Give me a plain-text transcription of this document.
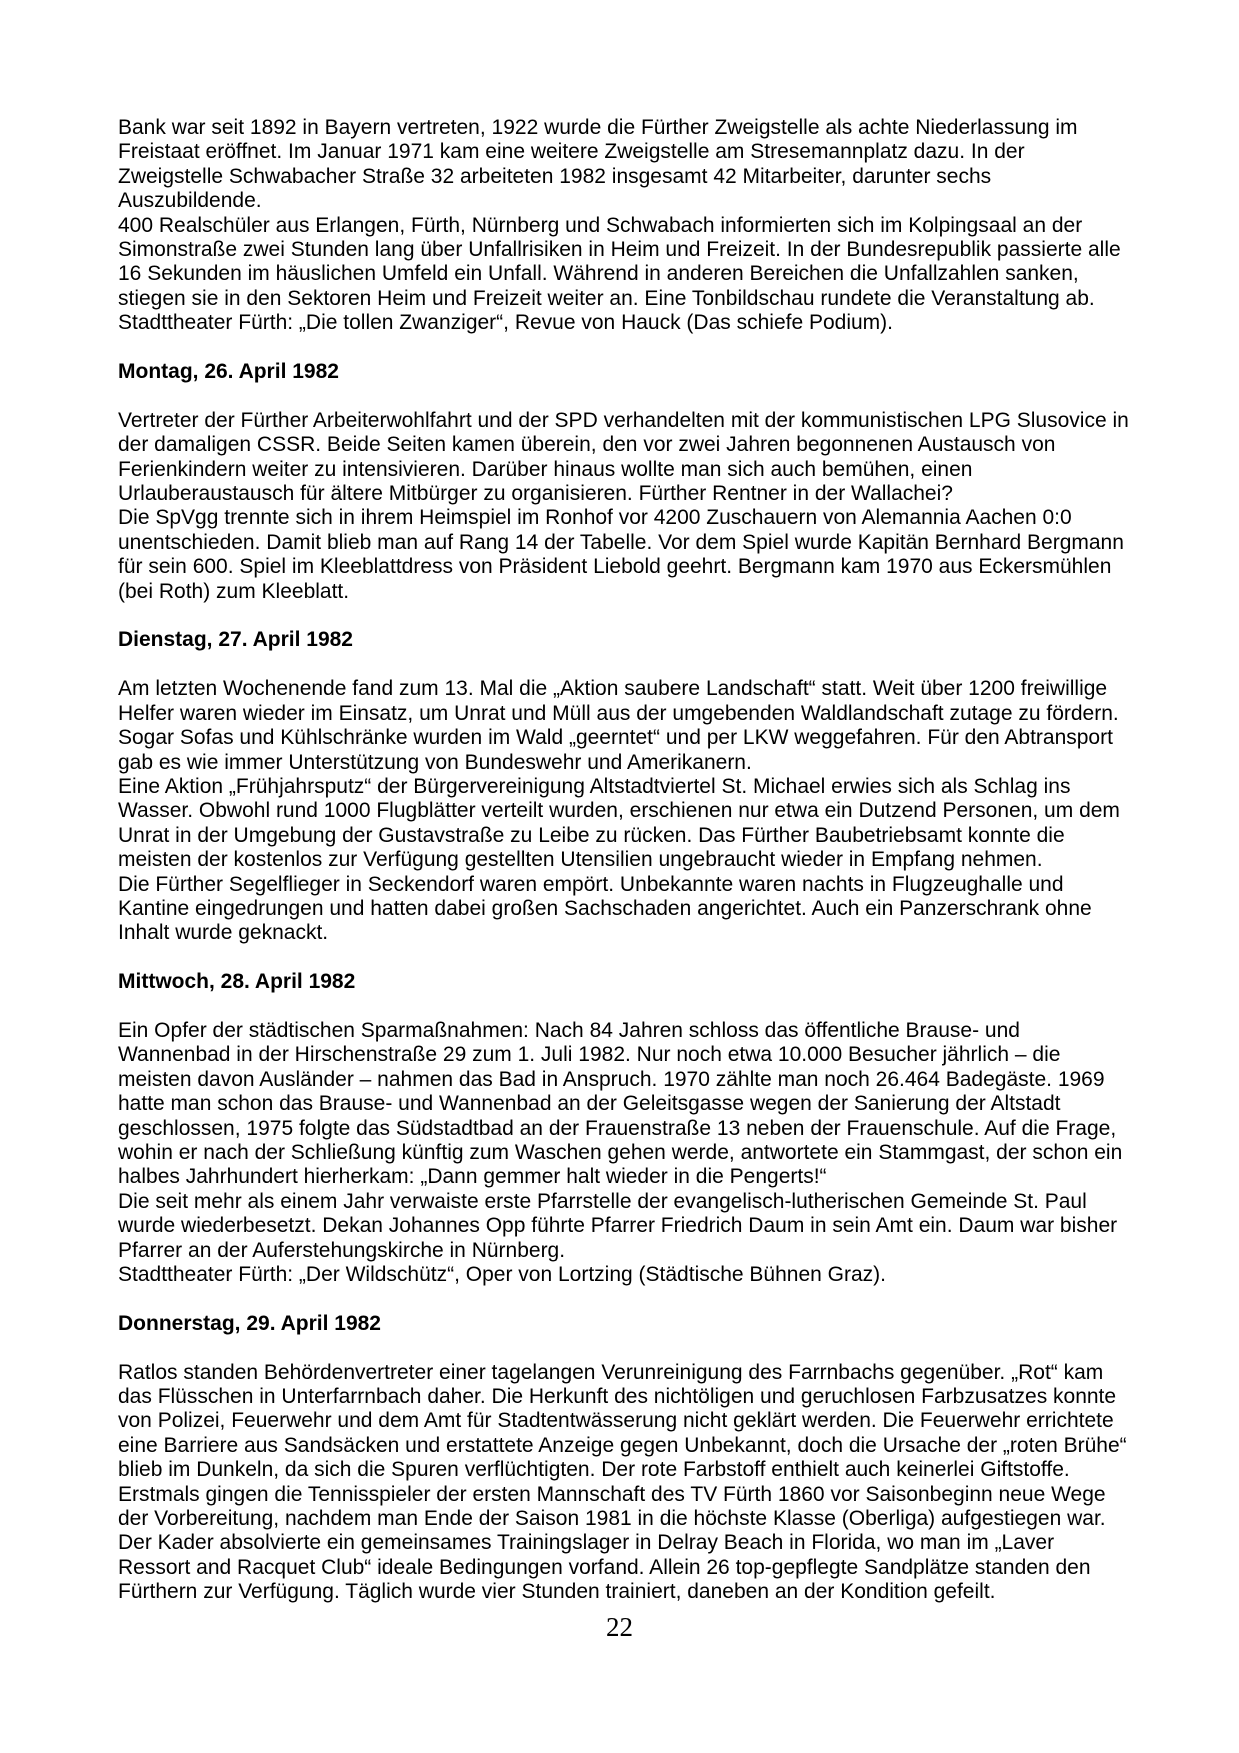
Bank war seit 1892 in Bayern vertreten, 1922 wurde die Fürther Zweigstelle als achte Niederlassung im
Freistaat eröffnet. Im Januar 1971 kam eine weitere Zweigstelle am Stresemannplatz dazu. In der
Zweigstelle Schwabacher Straße 32 arbeiteten 1982 insgesamt 42 Mitarbeiter, darunter sechs
Auszubildende.
400 Realschüler aus Erlangen, Fürth, Nürnberg und Schwabach informierten sich im Kolpingsaal an der
Simonstraße zwei Stunden lang über Unfallrisiken in Heim und Freizeit. In der Bundesrepublik passierte alle
16 Sekunden im häuslichen Umfeld ein Unfall. Während in anderen Bereichen die Unfallzahlen sanken,
stiegen sie in den Sektoren Heim und Freizeit weiter an. Eine Tonbildschau rundete die Veranstaltung ab.
Stadttheater Fürth: „Die tollen Zwanziger“, Revue von Hauck (Das schiefe Podium).
Montag, 26. April 1982
Vertreter der Fürther Arbeiterwohlfahrt und der SPD verhandelten mit der kommunistischen LPG Slusovice in
der damaligen CSSR. Beide Seiten kamen überein, den vor zwei Jahren begonnenen Austausch von
Ferienkindern weiter zu intensivieren. Darüber hinaus wollte man sich auch bemühen, einen
Urlauberaustausch für ältere Mitbürger zu organisieren. Fürther Rentner in der Wallachei?
Die SpVgg trennte sich in ihrem Heimspiel im Ronhof vor 4200 Zuschauern von Alemannia Aachen 0:0
unentschieden. Damit blieb man auf Rang 14 der Tabelle. Vor dem Spiel wurde Kapitän Bernhard Bergmann
für sein 600. Spiel im Kleeblattdress von Präsident Liebold geehrt. Bergmann kam 1970 aus Eckersmühlen
(bei Roth) zum Kleeblatt.
Dienstag, 27. April 1982
Am letzten Wochenende fand zum 13. Mal die „Aktion saubere Landschaft“ statt. Weit über 1200 freiwillige
Helfer waren wieder im Einsatz, um Unrat und Müll aus der umgebenden Waldlandschaft zutage zu fördern.
Sogar Sofas und Kühlschränke wurden im Wald „geerntet“ und per LKW weggefahren. Für den Abtransport
gab es wie immer Unterstützung von Bundeswehr und Amerikanern.
Eine Aktion „Frühjahrsputz“ der Bürgervereinigung Altstadtviertel St. Michael erwies sich als Schlag ins
Wasser. Obwohl rund 1000 Flugblätter verteilt wurden, erschienen nur etwa ein Dutzend Personen, um dem
Unrat in der Umgebung der Gustavstraße zu Leibe zu rücken. Das Fürther Baubetriebsamt konnte die
meisten der kostenlos zur Verfügung gestellten Utensilien ungebraucht wieder in Empfang nehmen.
Die Fürther Segelflieger in Seckendorf waren empört. Unbekannte waren nachts in Flugzeughalle und
Kantine eingedrungen und hatten dabei großen Sachschaden angerichtet. Auch ein Panzerschrank ohne
Inhalt wurde geknackt.
Mittwoch, 28. April 1982
Ein Opfer der städtischen Sparmaßnahmen: Nach 84 Jahren schloss das öffentliche Brause- und
Wannenbad in der Hirschenstraße 29 zum 1. Juli 1982. Nur noch etwa 10.000 Besucher jährlich – die
meisten davon Ausländer – nahmen das Bad in Anspruch. 1970 zählte man noch 26.464 Badegäste. 1969
hatte man schon das Brause- und Wannenbad an der Geleitsgasse wegen der Sanierung der Altstadt
geschlossen, 1975 folgte das Südstadtbad an der Frauenstraße 13 neben der Frauenschule. Auf die Frage,
wohin er nach der Schließung künftig zum Waschen gehen werde, antwortete ein Stammgast, der schon ein
halbes Jahrhundert hierherkam: „Dann gemmer halt wieder in die Pengerts!“
Die seit mehr als einem Jahr verwaiste erste Pfarrstelle der evangelisch-lutherischen Gemeinde St. Paul
wurde wiederbesetzt. Dekan Johannes Opp führte Pfarrer Friedrich Daum in sein Amt ein. Daum war bisher
Pfarrer an der Auferstehungskirche in Nürnberg.
Stadttheater Fürth: „Der Wildschütz“, Oper von Lortzing (Städtische Bühnen Graz).
Donnerstag, 29. April 1982
Ratlos standen Behördenvertreter einer tagelangen Verunreinigung des Farrnbachs gegenüber. „Rot“ kam
das Flüsschen in Unterfarrnbach daher. Die Herkunft des nichtöligen und geruchlosen Farbzusatzes konnte
von Polizei, Feuerwehr und dem Amt für Stadtentwässerung nicht geklärt werden. Die Feuerwehr errichtete
eine Barriere aus Sandsäcken und erstattete Anzeige gegen Unbekannt, doch die Ursache der „roten Brühe“
blieb im Dunkeln, da sich die Spuren verflüchtigten. Der rote Farbstoff enthielt auch keinerlei Giftstoffe.
Erstmals gingen die Tennisspieler der ersten Mannschaft des TV Fürth 1860 vor Saisonbeginn neue Wege
der Vorbereitung, nachdem man Ende der Saison 1981 in die höchste Klasse (Oberliga) aufgestiegen war.
Der Kader absolvierte ein gemeinsames Trainingslager in Delray Beach in Florida, wo man im „Laver
Ressort and Racquet Club“ ideale Bedingungen vorfand. Allein 26 top-gepflegte Sandplätze standen den
Fürthern zur Verfügung. Täglich wurde vier Stunden trainiert, daneben an der Kondition gefeilt.
22
